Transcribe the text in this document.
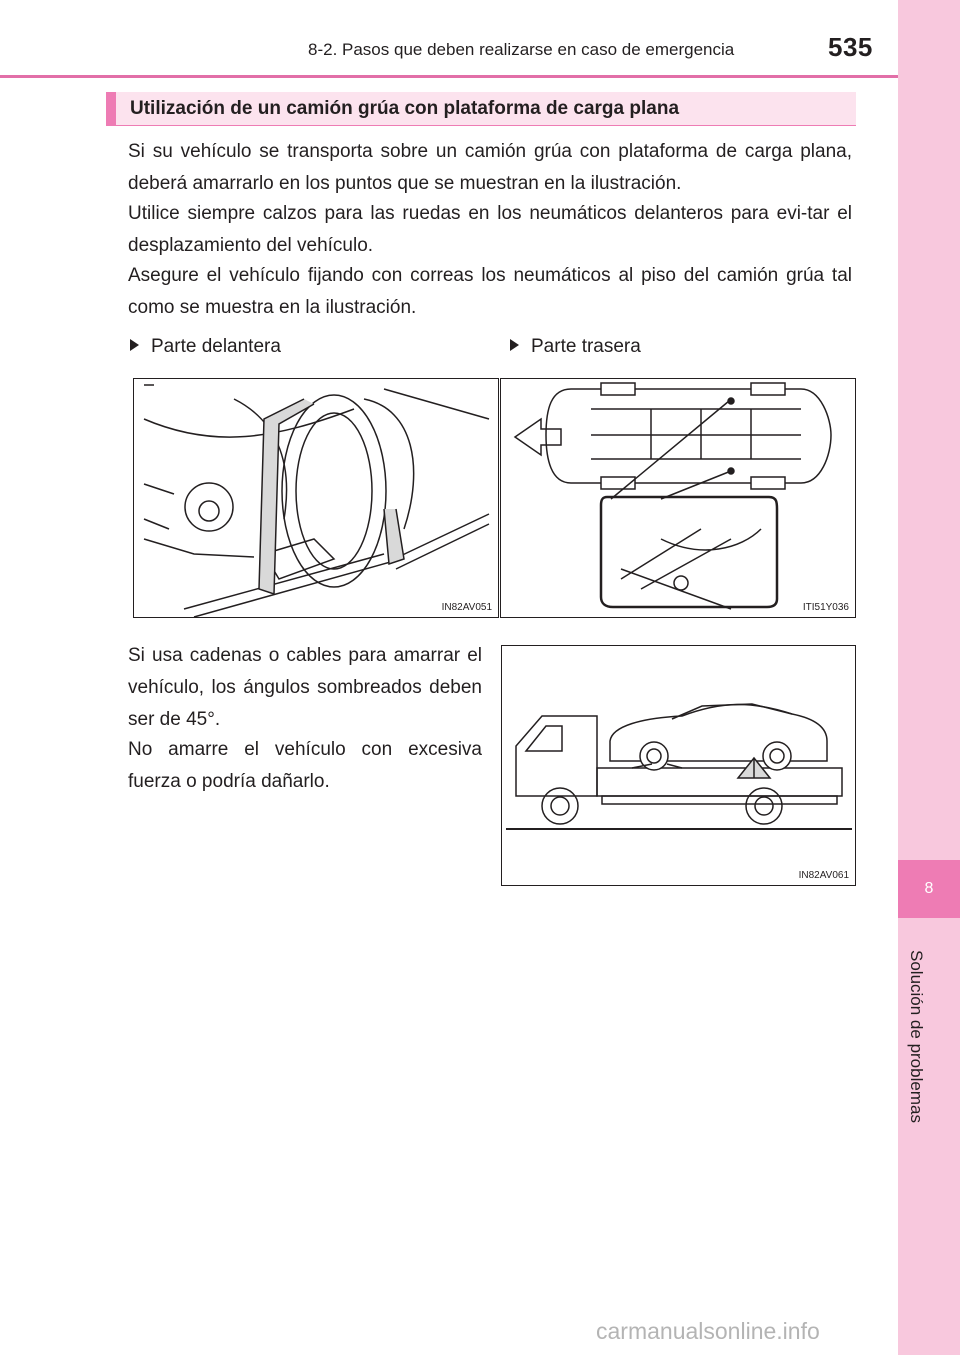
8-2. Pasos que deben realizarse en caso de emergencia	535
8
Solución de problemas
Utilización de un camión grúa con plataforma de carga plana
Si su vehículo se transporta sobre un camión grúa con plataforma de carga plana, deberá amarrarlo en los puntos que se muestran en la ilustración.
Utilice siempre calzos para las ruedas en los neumáticos delanteros para evi-tar el desplazamiento del vehículo.
Asegure el vehículo fijando con correas los neumáticos al piso del camión grúa tal como se muestra en la ilustración.
Parte delantera	Parte trasera
IN82AV051	ITI51Y036
Si usa cadenas o cables para amarrar el vehículo, los ángulos sombreados deben ser de 45°.
No amarre el vehículo con excesiva fuerza o podría dañarlo.
IN82AV061
carmanualsonline.info
